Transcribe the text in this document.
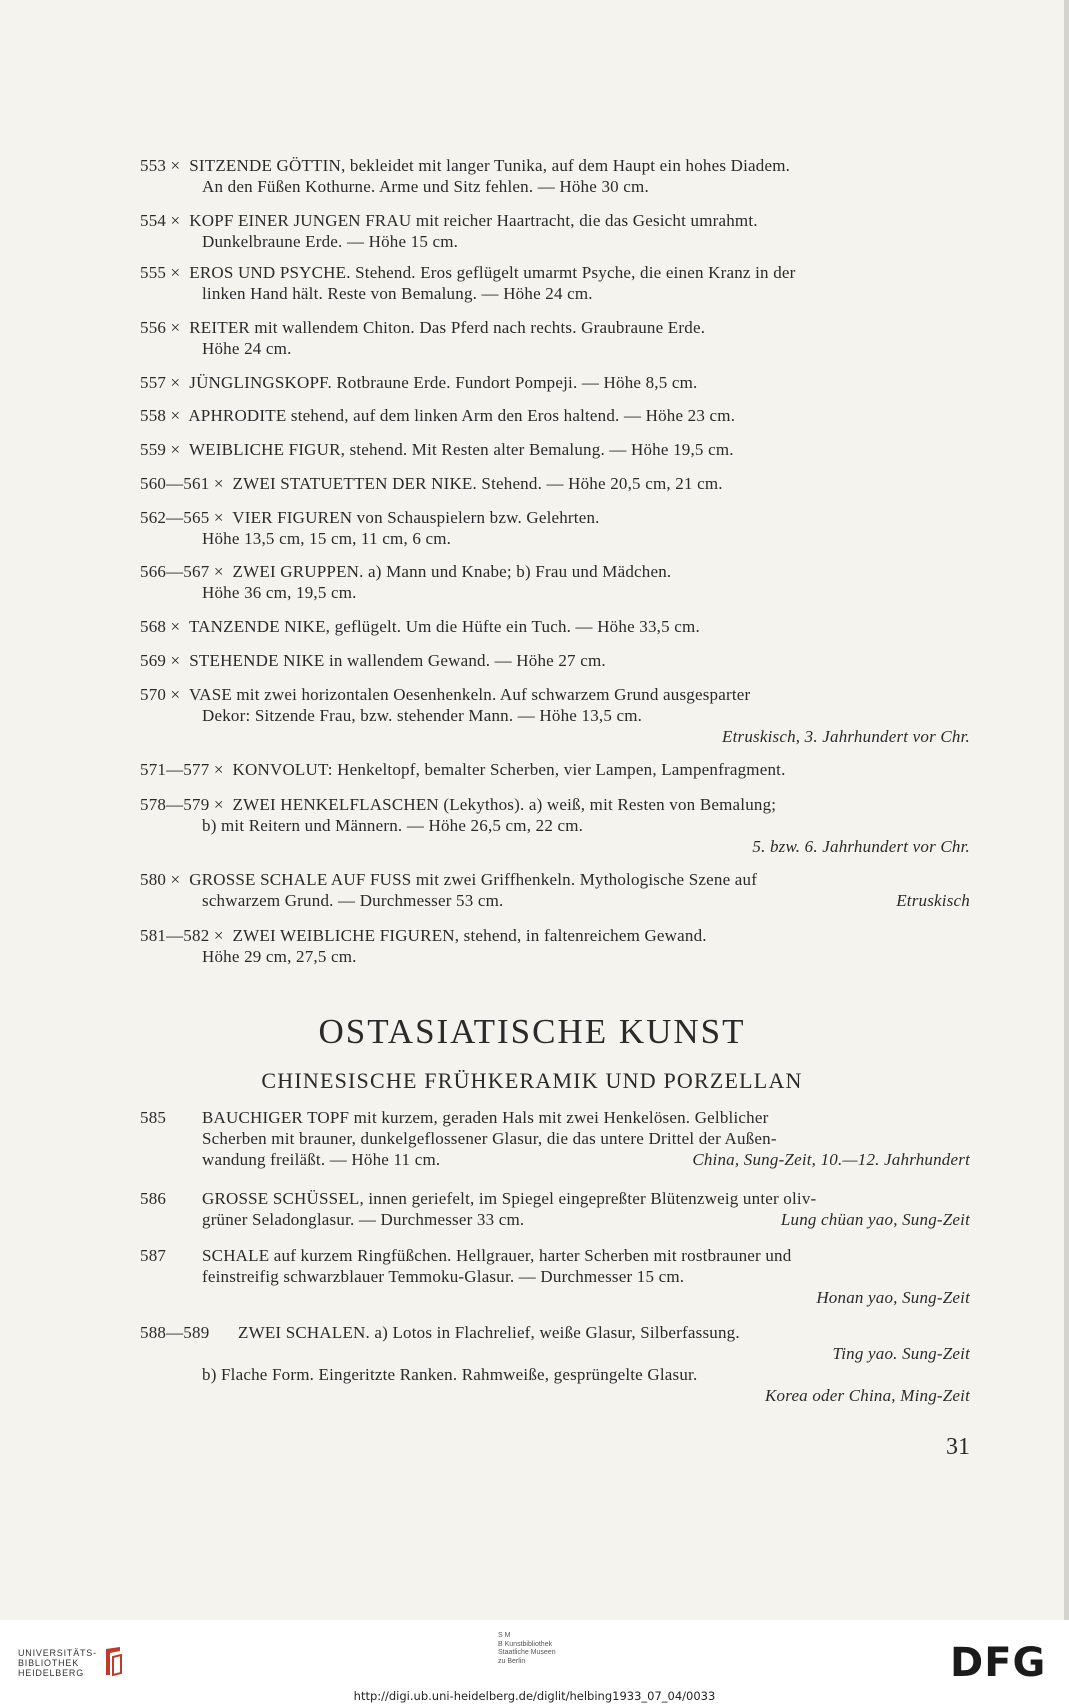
553 × SITZENDE GÖTTIN, bekleidet mit langer Tunika, auf dem Haupt ein hohes Diadem.
An den Füßen Kothurne. Arme und Sitz fehlen. — Höhe 30 cm.
554 × KOPF EINER JUNGEN FRAU mit reicher Haartracht, die das Gesicht umrahmt.
Dunkelbraune Erde. — Höhe 15 cm.
555 × EROS UND PSYCHE. Stehend. Eros geflügelt umarmt Psyche, die einen Kranz in der
linken Hand hält. Reste von Bemalung. — Höhe 24 cm.
556 × REITER mit wallendem Chiton. Das Pferd nach rechts. Graubraune Erde.
Höhe 24 cm.
557 × JÜNGLINGSKOPF. Rotbraune Erde. Fundort Pompeji. — Höhe 8,5 cm.
558 × APHRODITE stehend, auf dem linken Arm den Eros haltend. — Höhe 23 cm.
559 × WEIBLICHE FIGUR, stehend. Mit Resten alter Bemalung. — Höhe 19,5 cm.
560—561 × ZWEI STATUETTEN DER NIKE. Stehend. — Höhe 20,5 cm, 21 cm.
562—565 × VIER FIGUREN von Schauspielern bzw. Gelehrten.
Höhe 13,5 cm, 15 cm, 11 cm, 6 cm.
566—567 × ZWEI GRUPPEN. a) Mann und Knabe; b) Frau und Mädchen.
Höhe 36 cm, 19,5 cm.
568 × TANZENDE NIKE, geflügelt. Um die Hüfte ein Tuch. — Höhe 33,5 cm.
569 × STEHENDE NIKE in wallendem Gewand. — Höhe 27 cm.
570 × VASE mit zwei horizontalen Oesenhenkeln. Auf schwarzem Grund ausgesparter
Dekor: Sitzende Frau, bzw. stehender Mann. — Höhe 13,5 cm.
Etruskisch, 3. Jahrhundert vor Chr.
571—577 × KONVOLUT: Henkeltopf, bemalter Scherben, vier Lampen, Lampenfragment.
578—579 × ZWEI HENKELFLASCHEN (Lekythos). a) weiß, mit Resten von Bemalung;
b) mit Reitern und Männern. — Höhe 26,5 cm, 22 cm.
5. bzw. 6. Jahrhundert vor Chr.
580 × GROSSE SCHALE AUF FUSS mit zwei Griffhenkeln. Mythologische Szene auf
schwarzem Grund. — Durchmesser 53 cm.	Etruskisch
581—582 × ZWEI WEIBLICHE FIGUREN, stehend, in faltenreichem Gewand.
Höhe 29 cm, 27,5 cm.
OSTASIATISCHE KUNST
CHINESISCHE FRÜHKERAMIK UND PORZELLAN
585 BAUCHIGER TOPF mit kurzem, geraden Hals mit zwei Henkelösen. Gelblicher
Scherben mit brauner, dunkelgeflossener Glasur, die das untere Drittel der Außen-
wandung freiläßt. — Höhe 11 cm.	China, Sung-Zeit, 10.—12. Jahrhundert
586 GROSSE SCHÜSSEL, innen geriefelt, im Spiegel eingepreßter Blütenzweig unter oliv-
grüner Seladonglasur. — Durchmesser 33 cm.	Lung chüan yao, Sung-Zeit
587 SCHALE auf kurzem Ringfüßchen. Hellgrauer, harter Scherben mit rostbrauner und
feinstreifig schwarzblauer Temmoku-Glasur. — Durchmesser 15 cm.
Honan yao, Sung-Zeit
588—589 ZWEI SCHALEN. a) Lotos in Flachrelief, weiße Glasur, Silberfassung.
Ting yao. Sung-Zeit
b) Flache Form. Eingeritzte Ranken. Rahmweiße, gesprüngelte Glasur.
Korea oder China, Ming-Zeit
31
UNIVERSITÄTS-
BIBLIOTHEK
HEIDELBERG
S M
B Kunstbibliothek
Staatliche Museen
zu Berlin	DFG
http://digi.ub.uni-heidelberg.de/diglit/helbing1933_07_04/0033
